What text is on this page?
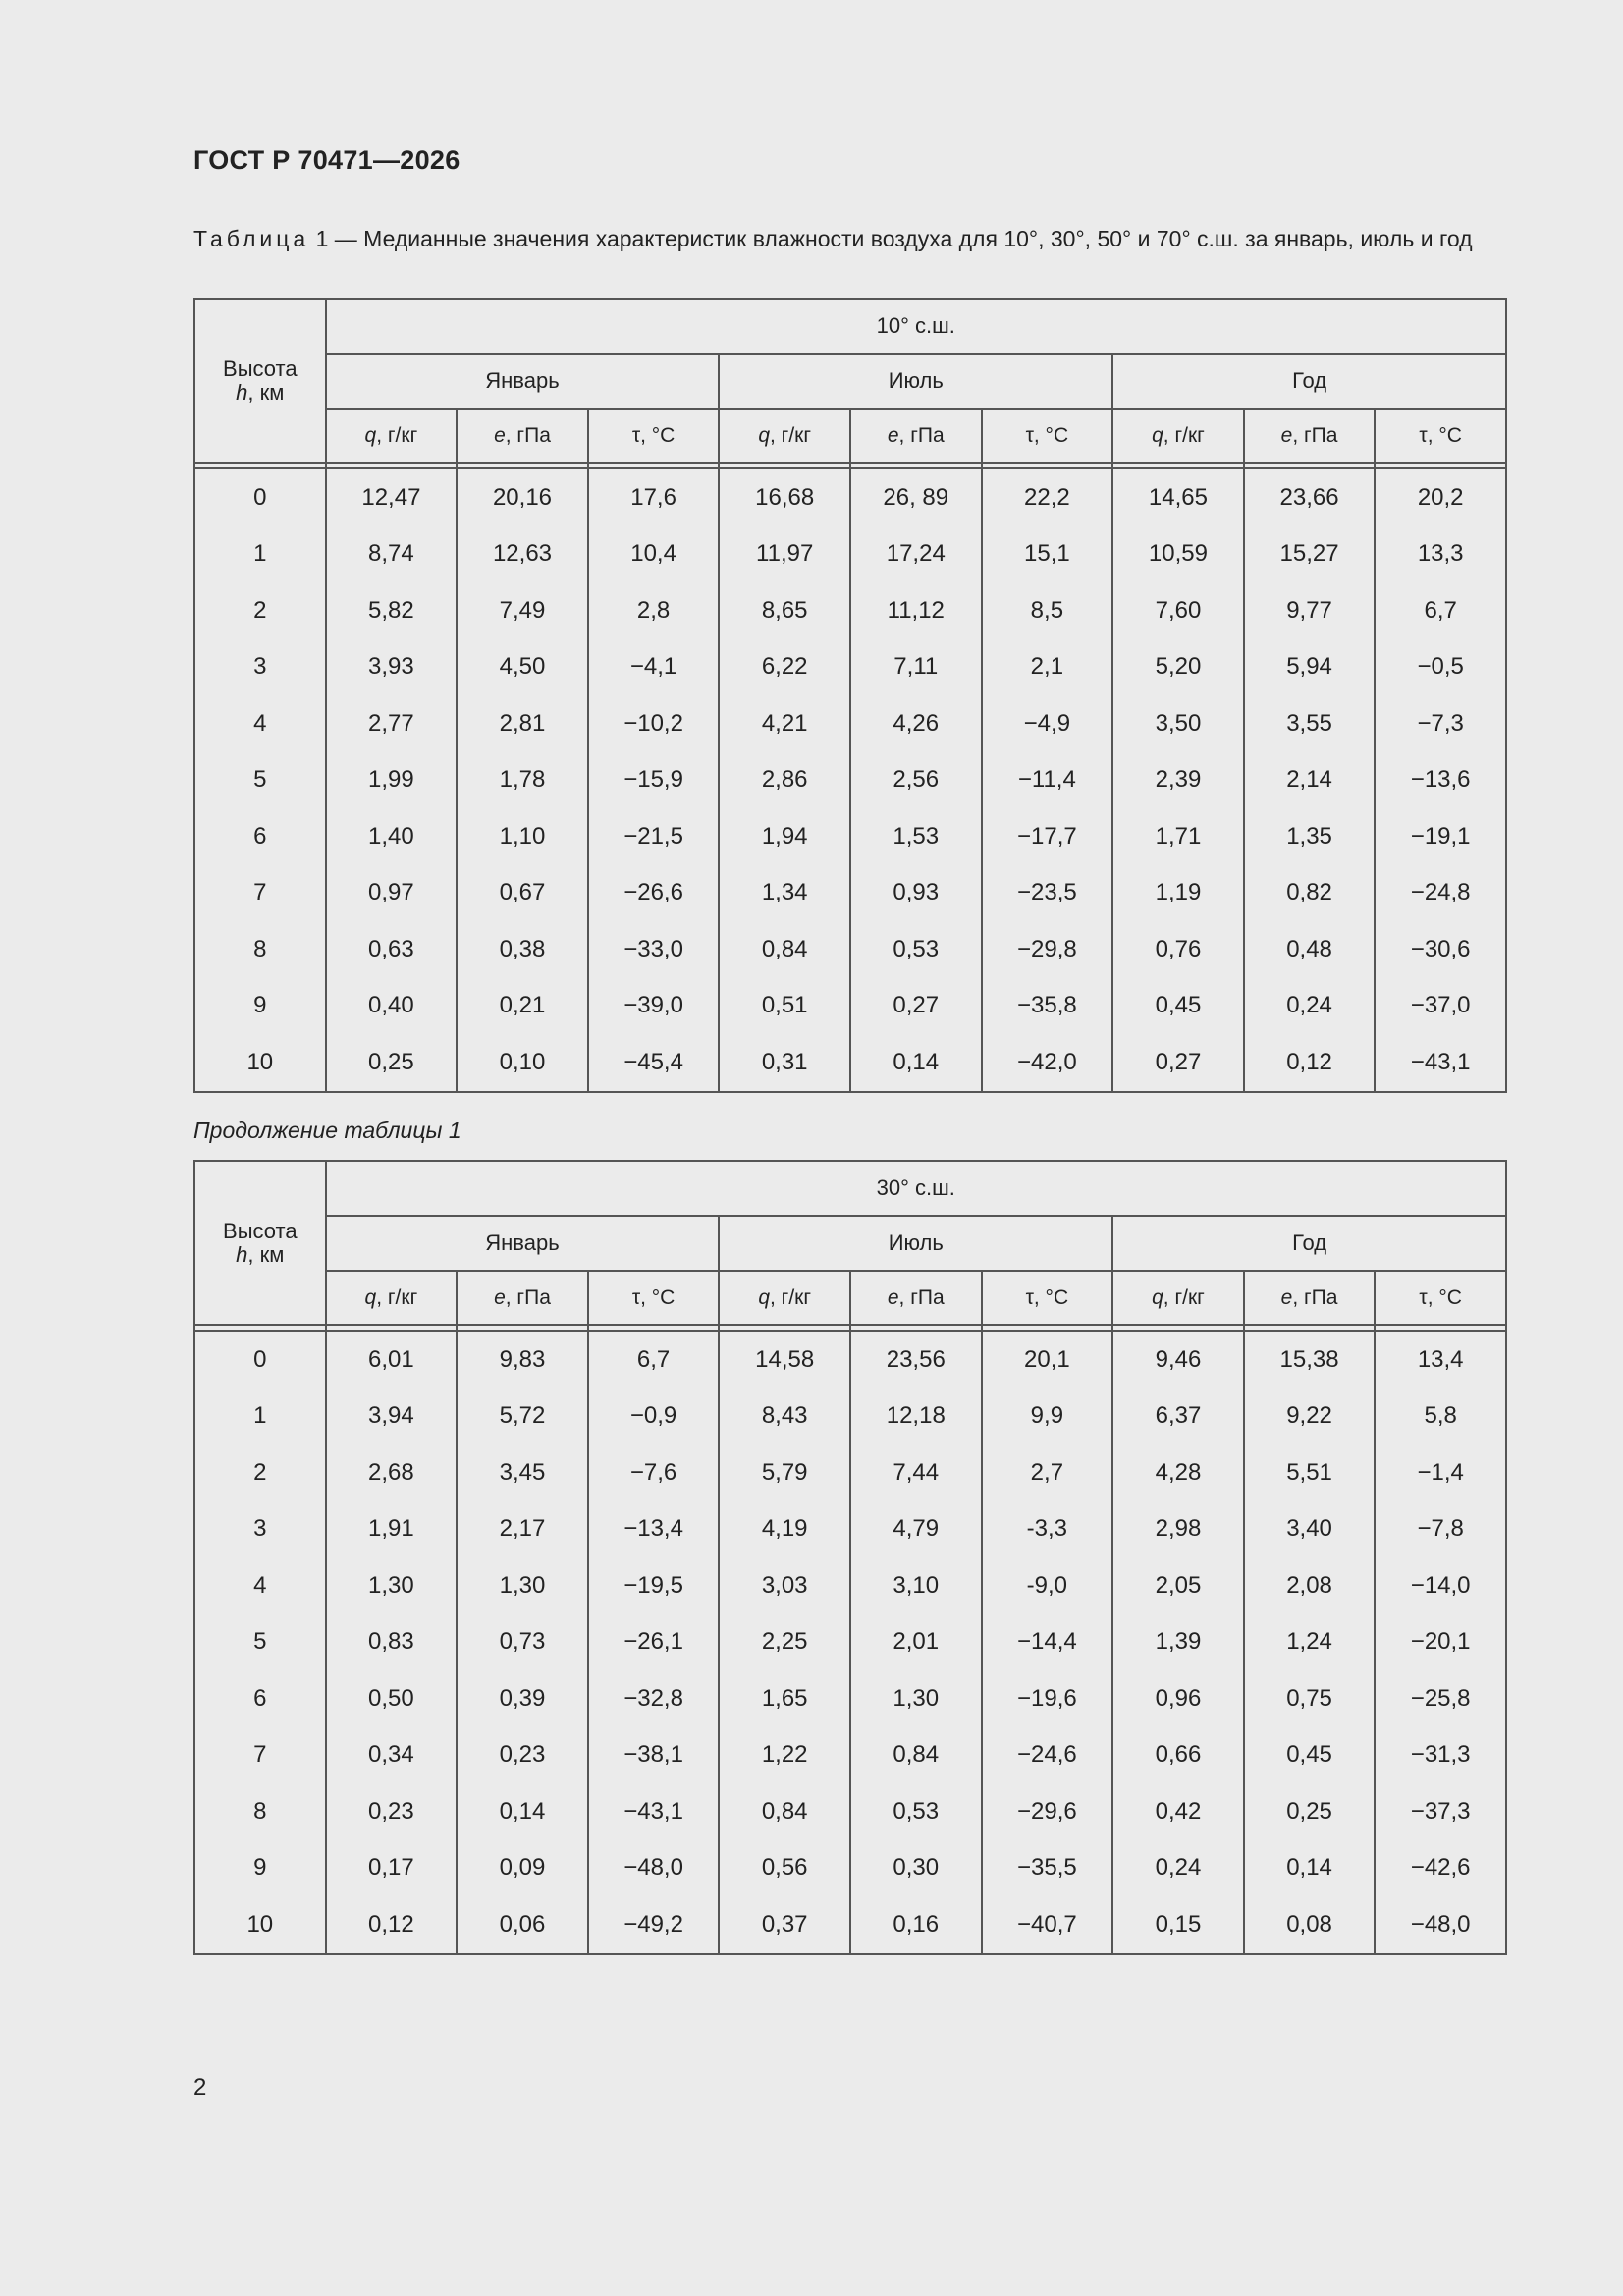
ГОСТ Р 70471—2026
Таблица 1 — Медианные значения характеристик влажности воздуха для 10°, 30°, 50° и 70° с.ш. за январь, июль и год
Высота
h, км	10° с.ш.								
	Январь			Июль			Год		
	q, г/кг	e, гПа	τ, °C	q, г/кг	e, гПа	τ, °C	q, г/кг	e, гПа	τ, °C

0	12,47	20,16	17,6	16,68	26, 89	22,2	14,65	23,66	20,2
1	8,74	12,63	10,4	11,97	17,24	15,1	10,59	15,27	13,3
2	5,82	7,49	2,8	8,65	11,12	8,5	7,60	9,77	6,7
3	3,93	4,50	−4,1	6,22	7,11	2,1	5,20	5,94	−0,5
4	2,77	2,81	−10,2	4,21	4,26	−4,9	3,50	3,55	−7,3
5	1,99	1,78	−15,9	2,86	2,56	−11,4	2,39	2,14	−13,6
6	1,40	1,10	−21,5	1,94	1,53	−17,7	1,71	1,35	−19,1
7	0,97	0,67	−26,6	1,34	0,93	−23,5	1,19	0,82	−24,8
8	0,63	0,38	−33,0	0,84	0,53	−29,8	0,76	0,48	−30,6
9	0,40	0,21	−39,0	0,51	0,27	−35,8	0,45	0,24	−37,0
10	0,25	0,10	−45,4	0,31	0,14	−42,0	0,27	0,12	−43,1
Высота
h, км	30° с.ш.								
	Январь			Июль			Год		
	q, г/кг	e, гПа	τ, °C	q, г/кг	e, гПа	τ, °C	q, г/кг	e, гПа	τ, °C

0	6,01	9,83	6,7	14,58	23,56	20,1	9,46	15,38	13,4
1	3,94	5,72	−0,9	8,43	12,18	9,9	6,37	9,22	5,8
2	2,68	3,45	−7,6	5,79	7,44	2,7	4,28	5,51	−1,4
3	1,91	2,17	−13,4	4,19	4,79	-3,3	2,98	3,40	−7,8
4	1,30	1,30	−19,5	3,03	3,10	-9,0	2,05	2,08	−14,0
5	0,83	0,73	−26,1	2,25	2,01	−14,4	1,39	1,24	−20,1
6	0,50	0,39	−32,8	1,65	1,30	−19,6	0,96	0,75	−25,8
7	0,34	0,23	−38,1	1,22	0,84	−24,6	0,66	0,45	−31,3
8	0,23	0,14	−43,1	0,84	0,53	−29,6	0,42	0,25	−37,3
9	0,17	0,09	−48,0	0,56	0,30	−35,5	0,24	0,14	−42,6
10	0,12	0,06	−49,2	0,37	0,16	−40,7	0,15	0,08	−48,0
Продолжение таблицы 1
2
